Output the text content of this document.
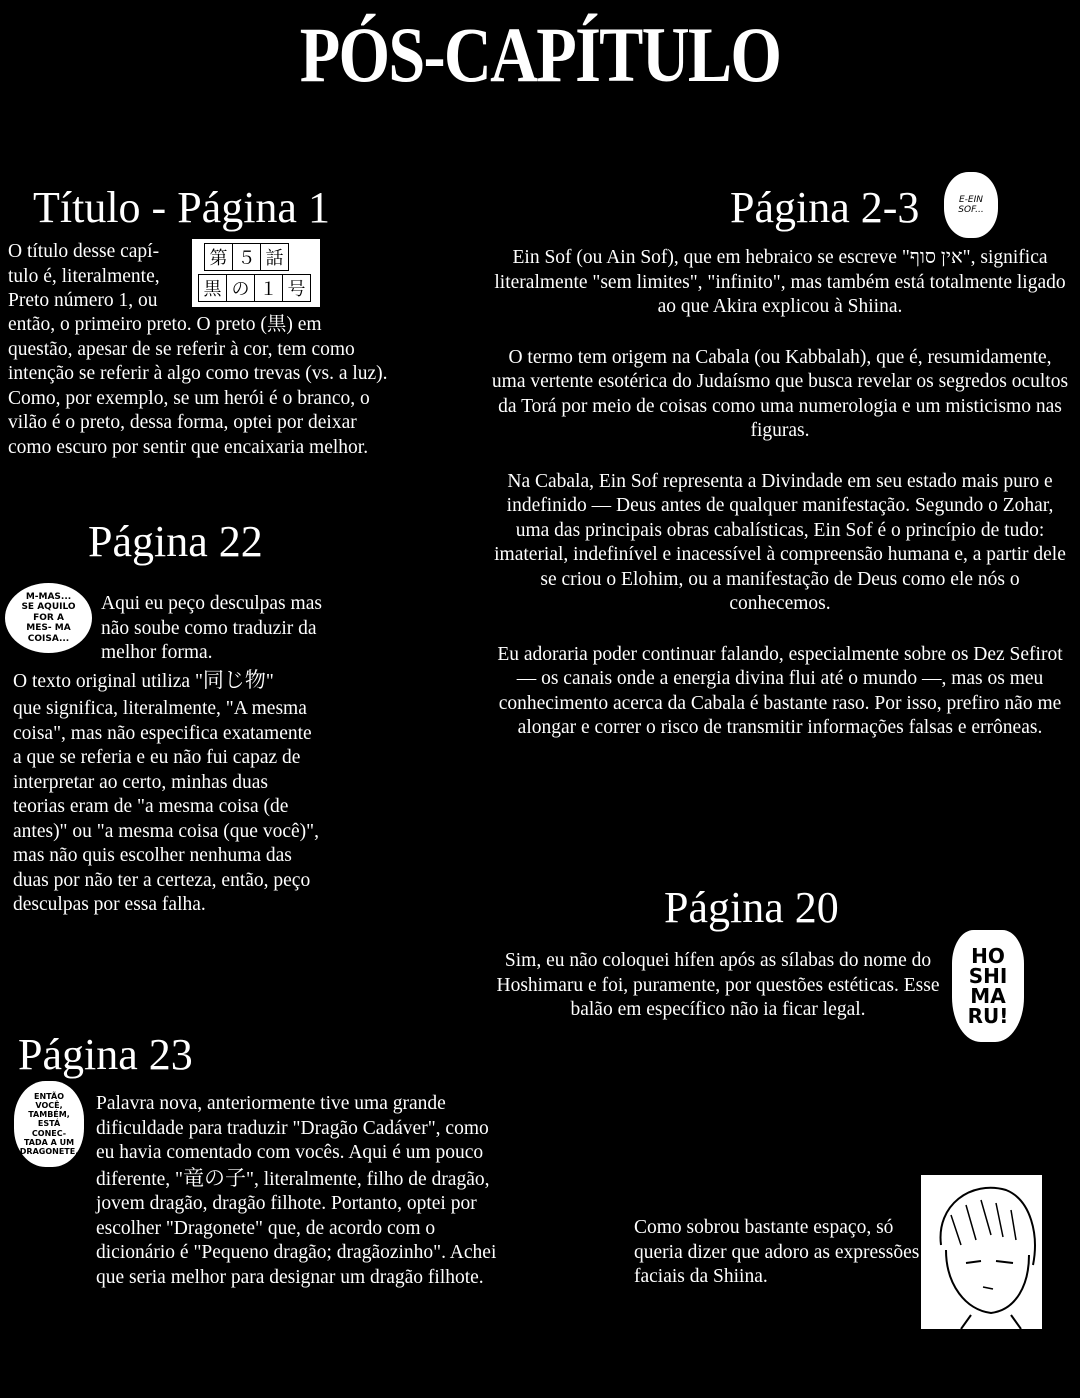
PÓS-CAPÍTULO
Título - Página 1
O título desse capí-
tulo é, literalmente,
Preto número 1, ou
第 ５ 話
黒 の １ 号

então, o primeiro preto. O preto (黒) em questão, apesar de se referir à cor, tem como intenção se referir à algo como trevas (vs. a luz). Como, por exemplo, se um herói é o branco, o vilão é o preto, dessa forma, optei por deixar como escuro por sentir que encaixaria melhor.

Página 22
M-MAS... SE AQUILO FOR A MES- MA COISA...

Aqui eu peço desculpas mas não soube como traduzir da melhor forma.

O texto original utiliza "同じ物"

que significa, literalmente, "A mesma coisa", mas não especifica exatamente a que se referia e eu não fui capaz de interpretar ao certo, minhas duas teorias eram de "a mesma coisa (de antes)" ou "a mesma coisa (que você)", mas não quis escolher nenhuma das duas por não ter a certeza, então, peço desculpas por essa falha.

Página 23
ENTÃO VOCÊ, TAMBÉM, ESTÁ CONEC- TADA A UM DRAGONETE.

Palavra nova, anteriormente tive uma grande dificuldade para traduzir "Dragão Cadáver", como eu havia comentado com vocês. Aqui é um pouco diferente, "竜の子", literalmente, filho de dragão, jovem dragão, dragão filhote. Portanto, optei por escolher "Dragonete" que, de acordo com o dicionário é "Pequeno dragão; dragãozinho". Achei que seria melhor para designar um dragão filhote.

Página 2-3	E-EIN SOF...

Ein Sof (ou Ain Sof), que em hebraico se escreve "אין סוף", significa literalmente "sem limites", "infinito", mas também está totalmente ligado ao que Akira explicou à Shiina.

O termo tem origem na Cabala (ou Kabbalah), que é, resumidamente, uma vertente esotérica do Judaísmo que busca revelar os segredos ocultos da Torá por meio de coisas como uma numerologia e um misticismo nas figuras.

Na Cabala, Ein Sof representa a Divindade em seu estado mais puro e indefinido — Deus antes de qualquer manifestação. Segundo o Zohar, uma das principais obras cabalísticas, Ein Sof é o princípio de tudo: imaterial, indefinível e inacessível à compreensão humana e, a partir dele se criou o Elohim, ou a manifestação de Deus como ele nós o conhecemos.

Eu adoraria poder continuar falando, especialmente sobre os Dez Sefirot — os canais onde a energia divina flui até o mundo —, mas os meu conhecimento acerca da Cabala é bastante raso. Por isso, prefiro não me alongar e correr o risco de transmitir informações falsas e errôneas.

Página 20

Sim, eu não coloquei hífen após as sílabas do nome do Hoshimaru e foi, puramente, por questões estéticas. Esse balão em específico não ia ficar legal.

HO
SHI
MA
RU!

Como sobrou bastante espaço, só queria dizer que adoro as expressões faciais da Shiina.
